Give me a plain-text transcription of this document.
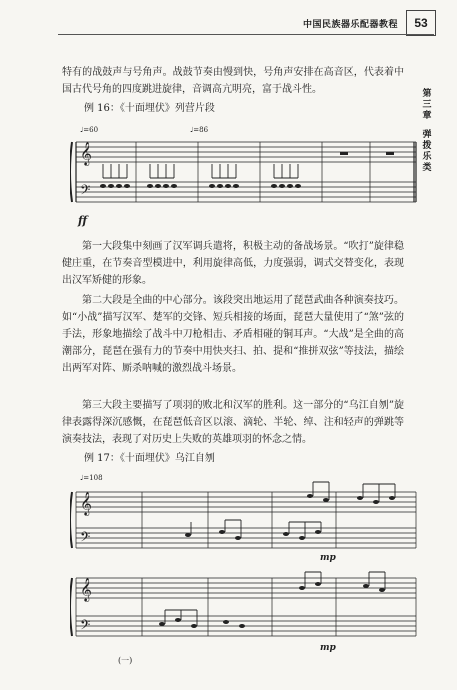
中国民族器乐配器教程 53
第三章
弹拨乐类

特有的战鼓声与号角声。战鼓节奏由慢到快，号角声安排在高音区，代表着中国古代号角的四度跳进旋律，音调高亢明亮，富于战斗性。

例 16：《十面埋伏》列营片段
𝄞
𝄢
♩=60	♩=86
ff

第一大段集中刻画了汉军调兵遣将，积极主动的备战场景。“吹打”旋律稳健庄重，在节奏音型模进中，利用旋律高低，力度强弱，调式交替变化，表现出汉军矫健的形象。

第二大段是全曲的中心部分。该段突出地运用了琵琶武曲各种演奏技巧。如“小战”描写汉军、楚军的交锋、短兵相接的场面，琵琶大量使用了“煞”弦的手法，形象地描绘了战斗中刀枪相击、矛盾相碰的铜耳声。“大战”是全曲的高潮部分，琵琶在强有力的节奏中用快夹扫、拍、提和“推拼双弦”等技法，描绘出两军对阵、厮杀呐喊的激烈战斗场景。

第三大段主要描写了项羽的败北和汉军的胜利。这一部分的“乌江自刎”旋律表露得深沉感慨，在琵琶低音区以滚、滴轮、半轮、绰、注和轻声的弹跳等演奏技法，表现了对历史上失败的英雄项羽的怀念之情。

例 17：《十面埋伏》乌江自刎
𝄞
𝄢
♩=108
mp
𝄞
𝄢
mp
(一)
